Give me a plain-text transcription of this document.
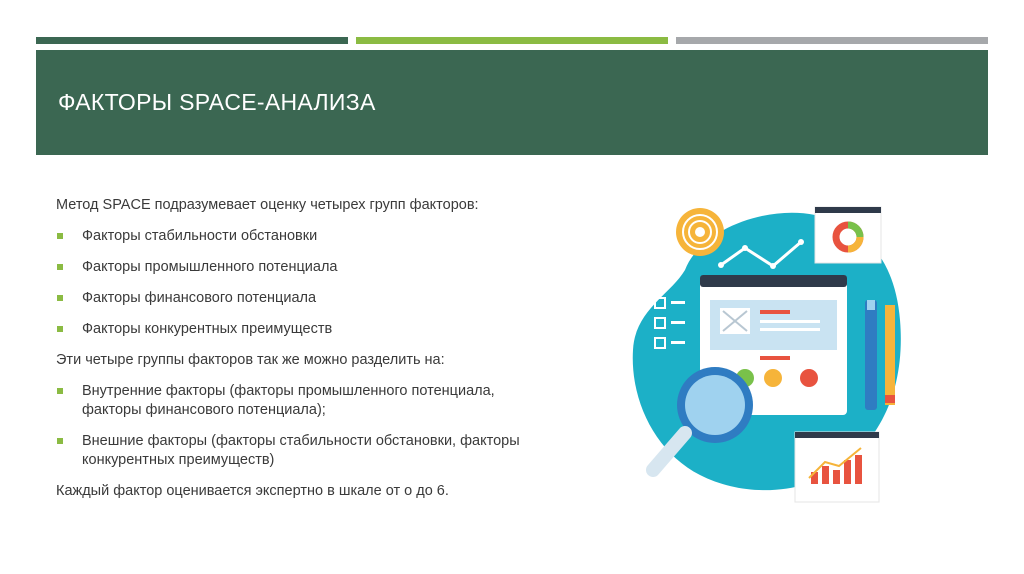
ФАКТОРЫ SPACE-АНАЛИЗА

Метод SPACE подразумевает оценку четырех групп факторов:

Факторы стабильности обстановки
Факторы промышленного потенциала
Факторы финансового потенциала
Факторы конкурентных преимуществ

Эти четыре группы факторов так же можно разделить на:

Внутренние факторы (факторы промышленного потенциала, факторы финансового потенциала);
Внешние факторы (факторы стабильности обстановки, факторы конкурентных преимуществ)

Каждый фактор оценивается экспертно в шкале от о до 6.
